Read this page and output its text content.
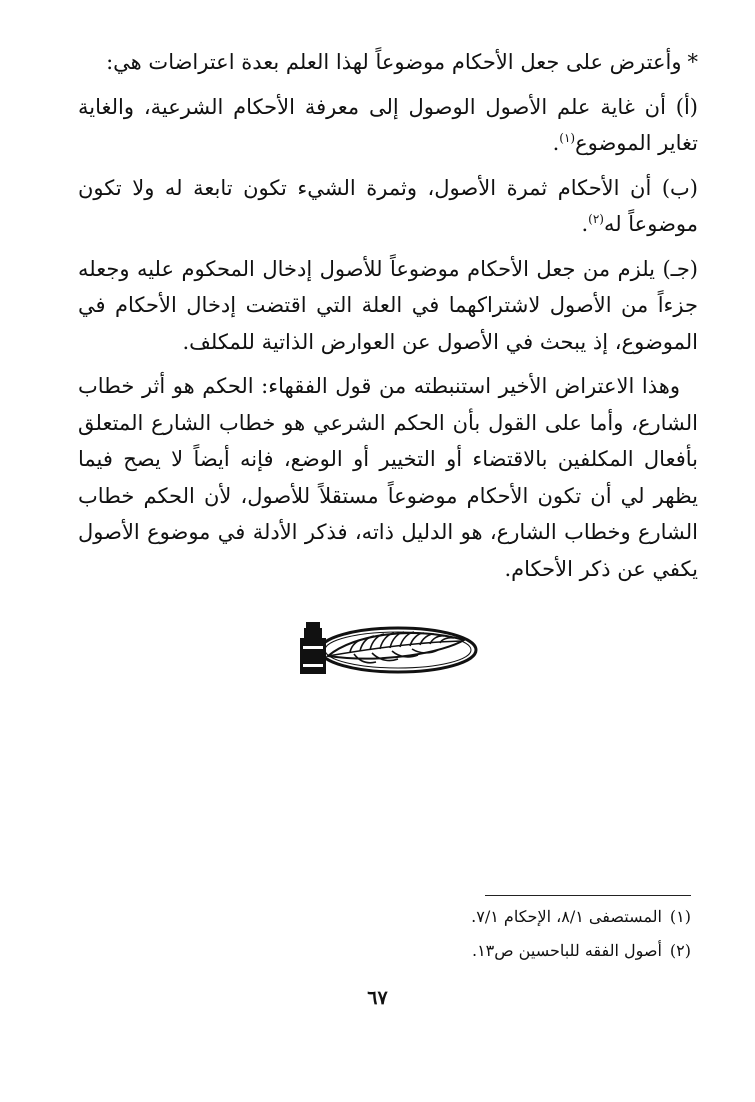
*وأعترض على جعل الأحكام موضوعاً لهذا العلم بعدة اعتراضات هي:

(أ) أن غاية علم الأصول الوصول إلى معرفة الأحكام الشرعية، والغاية تغاير الموضوع$^{(١)}$.

(ب) أن الأحكام ثمرة الأصول، وثمرة الشيء تكون تابعة له ولا تكون موضوعاً له$^{(٢)}$.

(جـ) يلزم من جعل الأحكام موضوعاً للأصول إدخال المحكوم عليه وجعله جزءاً من الأصول لاشتراكهما في العلة التي اقتضت إدخال الأحكام في الموضوع، إذ يبحث في الأصول عن العوارض الذاتية للمكلف.

وهذا الاعتراض الأخير استنبطته من قول الفقهاء: الحكم هو أثر خطاب الشارع، وأما على القول بأن الحكم الشرعي هو خطاب الشارع المتعلق بأفعال المكلفين بالاقتضاء أو التخيير أو الوضع، فإنه أيضاً لا يصح فيما يظهر لي أن تكون الأحكام موضوعاً مستقلاً للأصول، لأن الحكم خطاب الشارع وخطاب الشارع، هو الدليل ذاته، فذكر الأدلة في موضوع الأصول يكفي عن ذكر الأحكام.

(١)المستصفى ٨/١، الإحكام ٧/١.

(٢)أصول الفقه للباحسين ص١٣.

٦٧
